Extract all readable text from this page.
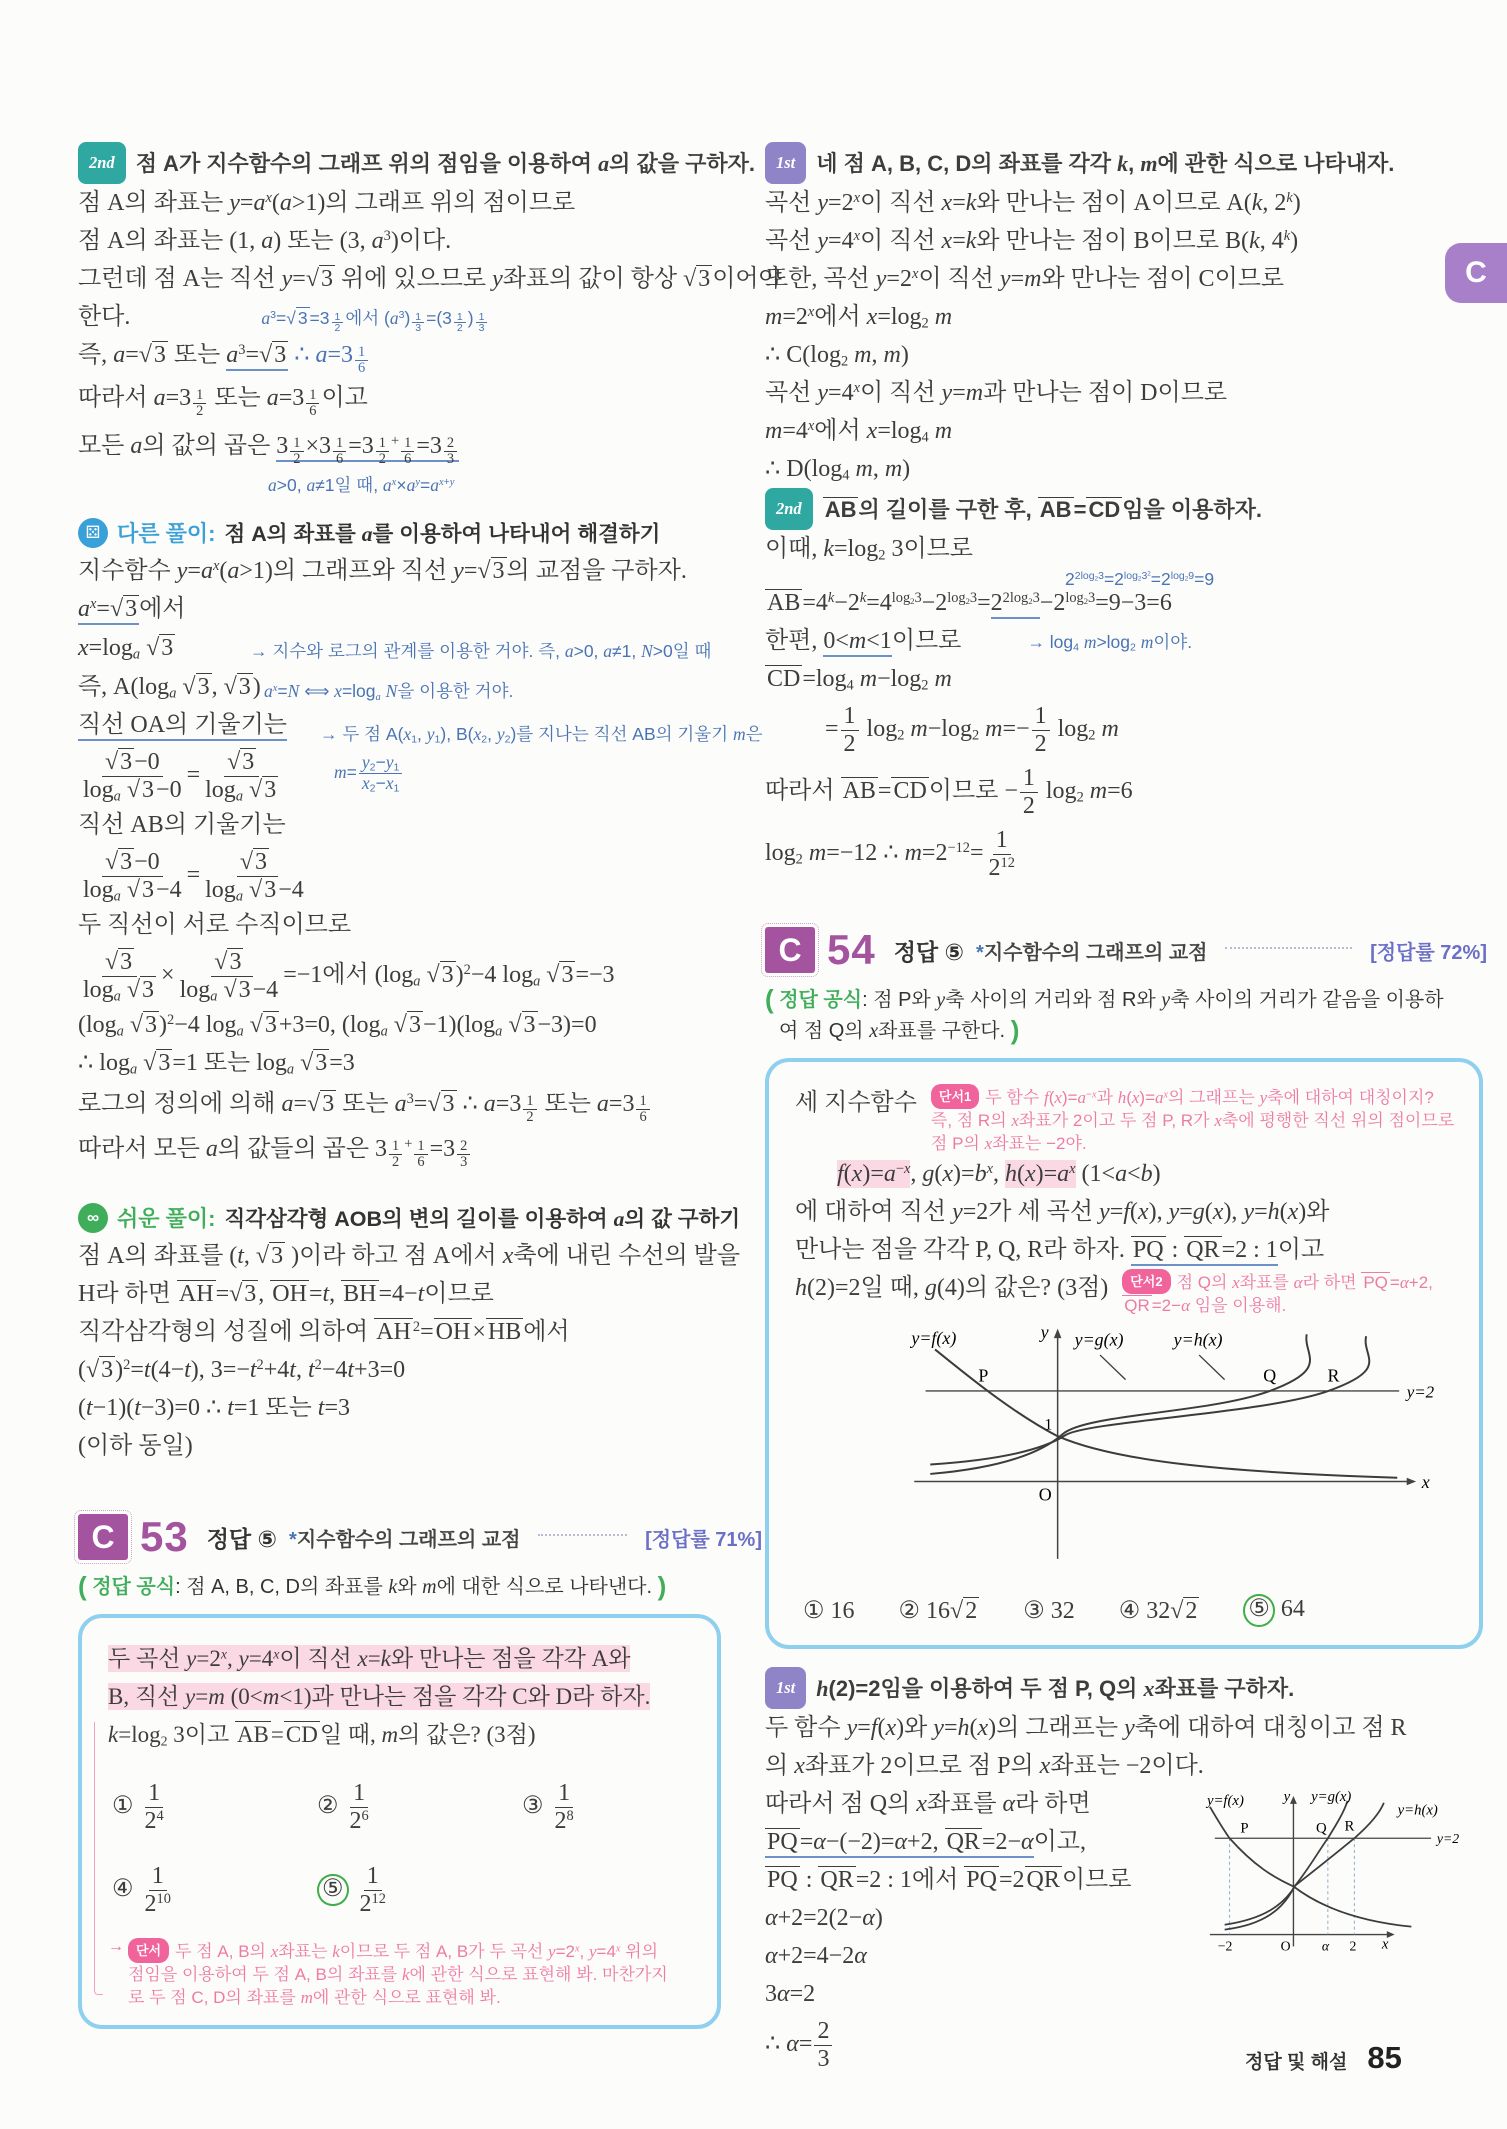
2nd 점 A가 지수함수의 그래프 위의 점임을 이용하여 a의 값을 구하자.
점 A의 좌표는 $y=a^x(a>1)$의 그래프 위의 점이므로
점 A의 좌표는 (1, a) 또는 (3, $a^3$)이다.
그런데 점 A는 직선 y=√3 위에 있으므로 y좌표의 값이 항상 √3이어야
한다.	$a^3=√$ 3 =3 $^{\frac{1}{2}}$ 에서 $(a^3)$ $^{\frac{1}{3}}$ =(3 $^{\frac{1}{2}}$ ) $^{\frac{1}{3}}$
즉, a=√3 또는 $a^3=√3$ ∴ a=3 $^{\frac{1}{6}}$
따라서 a=3 $^{\frac{1}{2}}$ 또는 a=3 $^{\frac{1}{6}}$ 이고
모든 a의 값의 곱은 3 $^{\frac{1}{2}}$ ×3 $^{\frac{1}{6}}$ =3 $^{\frac{1}{2} + \frac{1}{6}}$ =3 $^{\frac{2}{3}}$
a>0, a≠1일 때, $a^x\times a^y=a^{x+y}$
⚄ 다른 풀이: 점 A의 좌표를 a를 이용하여 나타내어 해결하기
지수함수 $y=a^x(a>1)$의 그래프와 직선 y=√3의 교점을 구하자.
$a^x=√3$에서
$x=\log_a$ √3	→ 지수와 로그의 관계를 이용한 거야. 즉, a>0, a≠1, N>0일 때
$a^x=N$ ⟺ $x=\log_a$ N을 이용한 거야.
즉, $A(\log_a$ √3, √3)
직선 OA의 기울기는 → 두 점 $A(x_1$, $y_1$), $B(x_2$, $y_2$)를 지나는 직선 AB의 기울기 m은
$m= \frac{y_2-y_1}{x_2-x_1}$
$\frac{√3-0}{\log_a √3-0} = \frac{√3}{\log_a √3}$
직선 AB의 기울기는
$\frac{√3-0}{\log_a √3-4} = \frac{√3}{\log_a √3-4}$
두 직선이 서로 수직이므로
$\frac{√3}{\log_a √3} \times \frac{√3}{\log_a √3-4} =-1$에서 ($\log_a$ √3)$^2$−4 $\log_a √3=-3$
($\log_a$ √3)$^2$−4 $\log_a √3+3=0$, ($\log_a$ $√3-1)(\log_a$ √3−3)=0
∴ $\log_a √3=1$ 또는 $\log_a √3=3$
로그의 정의에 의해 a=√3 또는 $a^3=√3$ ∴ a=3 $^{\frac{1}{2}}$ 또는 a=3 $^{\frac{1}{6}}$
따라서 모든 a의 값들의 곱은 3 $^{\frac{1}{2} + \frac{1}{6}}$ =3 $^{\frac{2}{3}}$
∞ 쉬운 풀이: 직각삼각형 AOB의 변의 길이를 이용하여 a의 값 구하기
점 A의 좌표를 (t, √3 )이라 하고 점 A에서 x축에 내린 수선의 발을
H라 하면 AH=√3, OH=t, BH=4−t이므로
직각삼각형의 성질에 의하여 AH $^2$=OH×HB에서
$(√3)^2=t(4-t)$, $3=-t^2+4t$, $t^2-4t+3=0$
(t−1)(t−3)=0 ∴ t=1 또는 t=3
(이하 동일)
C 53 정답 ⑤ *지수함수의 그래프의 교점	[정답률 71%]
( 정답 공식: 점 A, B, C, D의 좌표를 k와 m에 대한 식으로 나타낸다. )
두 곡선 $y=2^x$, $y=4^x$이 직선 x=k와 만나는 점을 각각 A와
B, 직선 y=m (0<m<1)과 만나는 점을 각각 C와 D라 하자.
$k=\log_2$ 3이고 AB=CD일 때, m의 값은? (3점)
① $\frac{1}{2^4}$	② $\frac{1}{2^6}$	③ $\frac{1}{2^8}$
④ $\frac{1}{2^{10}}$	⑤ $\frac{1}{2^{12}}$
→ 단서 두 점 A, B의 x좌표는 k이므로 두 점 A, B가 두 곡선 $y=2^x$, $y=4^x$ 위의 점임을 이용하여 두 점 A, B의 좌표를 k에 관한 식으로 표현해 봐. 마찬가지로 두 점 C, D의 좌표를 m에 관한 식으로 표현해 봐.
1st 네 점 A, B, C, D의 좌표를 각각 k, m에 관한 식으로 나타내자.
곡선 $y=2^x$이 직선 x=k와 만나는 점이 A이므로 A(k, 2$^k$)
곡선 $y=4^x$이 직선 x=k와 만나는 점이 B이므로 B(k, 4$^k$)
또한, 곡선 $y=2^x$이 직선 y=m와 만나는 점이 C이므로
$m=2^x$에서 $x=\log_2$ m
∴ $C(\log_2$ m, m)
곡선 $y=4^x$이 직선 y=m과 만나는 점이 D이므로
$m=4^x$에서 $x=\log_4$ m
∴ $D(\log_4$ m, m)
2nd AB의 길이를 구한 후, AB=CD임을 이용하자.
이때, $k=\log_2$ 3이므로
$2^{2log_23}=2^{log_23^2}=2^{log_29}=9$
$AB=4^k-2^k=4^{log_23}-2^{log_23}=2^{2log_23}-2^{log_23}=9-3=6$
한편, 0<m<1이므로	→ $\log_4 m>\log_2$ m이야.
$CD=\log_4$ $m-\log_2$ m
= $\frac{1}{2} \log_2 m-\log_2$ $m=- \frac{1}{2} \log_2 m$
따라서 AB=CD이므로 − $\frac{1}{2} \log_2 m=6$
$\log_2 m=-12$ ∴ $m=2^{-12}= \frac{1}{2^{12}}$
C 54 정답 ⑤ *지수함수의 그래프의 교점	[정답률 72%]
( 정답 공식: 점 P와 y축 사이의 거리와 점 R와 y축 사이의 거리가 같음을 이용하
여 점 Q의 x좌표를 구한다. )
세 지수함수	단서1 두 함수 $f(x)=a^{-x}$과 $h(x)=a^x$의 그래프는 y축에 대하여 대칭이지? 즉, 점 R의 x좌표가 2이고 두 점 P, R가 x축에 평행한 직선 위의 점이므로 점 P의 x좌표는 −2야.
$f(x)=a^{-x}$, $g(x)=b^x$, $h(x)=a^x$ (1<a<b)
에 대하여 직선 y=2가 세 곡선 y=f(x), y=g(x), y=h(x)와
만나는 점을 각각 P, Q, R라 하자. PQ : QR=2 : 1이고
h(2)=2일 때, g(4)의 값은? (3점)	단서2 점 Q의 x좌표를 α라 하면 PQ =α+2, QR =2−α 임을 이용해.
y=f(x)	y=g(x)	y=h(x)
y
x
O
1
y=2
P	Q	R
① 16 ② 16√2 ③ 32 ④ 32√2 ⑤ 64
1st h(2)=2임을 이용하여 두 점 P, Q의 x좌표를 구하자.
두 함수 y=f(x)와 y=h(x)의 그래프는 y축에 대하여 대칭이고 점 R
의 x좌표가 2이므로 점 P의 x좌표는 −2이다.
따라서 점 Q의 x좌표를 α라 하면	y=f(x)	y y=g(x)
y=h(x)
y=2
P	Q R
−2	O α 2 x
PQ=α−(−2)=α+2, QR=2−α이고,
PQ : QR=2 : 1에서 PQ=2QR이므로
α+2=2(2−α)
α+2=4−2α
3α=2
∴ $\alpha= \frac{2}{3}$
C
정답 및 해설 85
